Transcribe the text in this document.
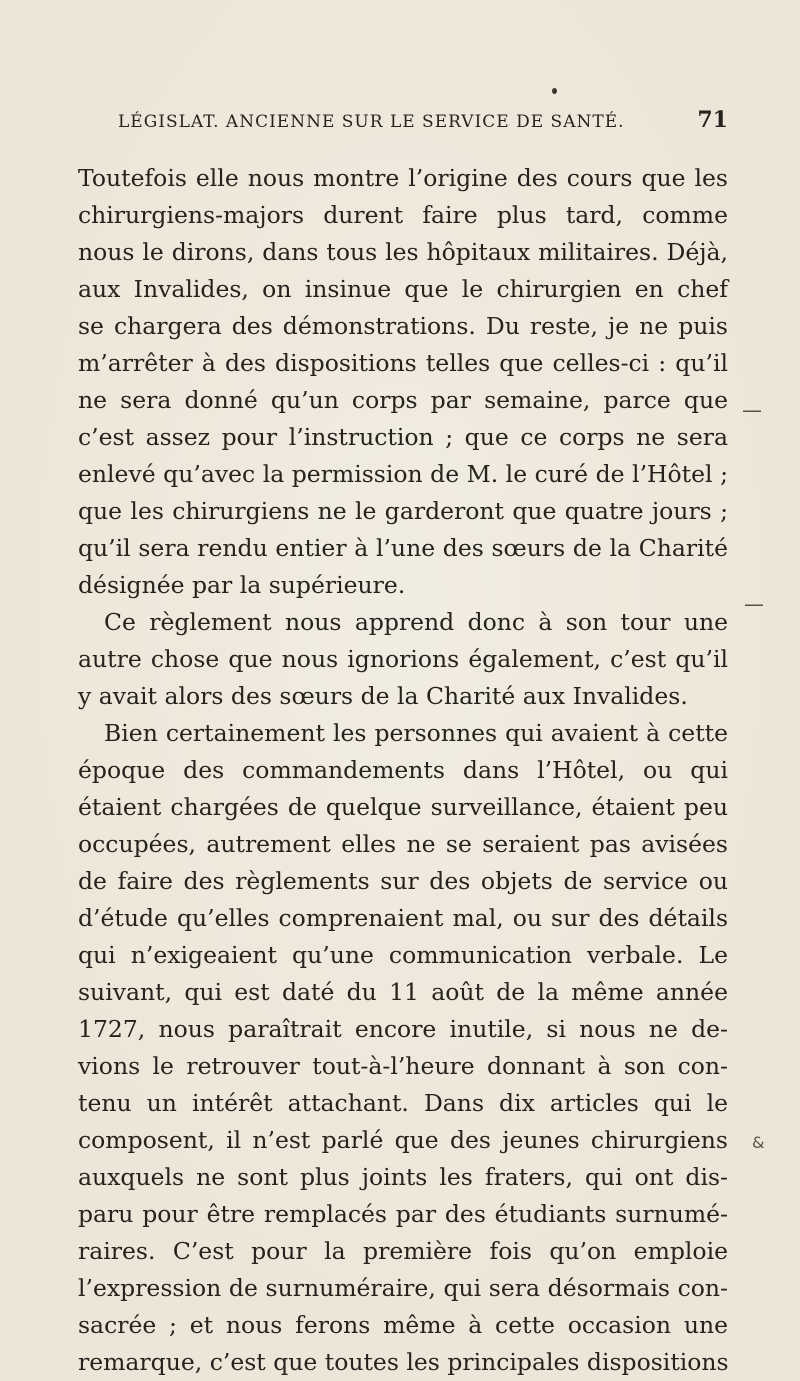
LÉGISLAT. ANCIENNE SUR LE SERVICE DE SANTÉ.	71
Toutefois elle nous montre l’origine des cours que les
chirurgiens-majors durent faire plus tard, comme
nous le dirons, dans tous les hôpitaux militaires. Déjà,
aux Invalides, on insinue que le chirurgien en chef
se chargera des démonstrations. Du reste, je ne puis
m’arrêter à des dispositions telles que celles-ci : qu’il
ne sera donné qu’un corps par semaine, parce que
c’est assez pour l’instruction ; que ce corps ne sera
enlevé qu’avec la permission de M. le curé de l’Hôtel ;
que les chirurgiens ne le garderont que quatre jours ;
qu’il sera rendu entier à l’une des sœurs de la Charité
désignée par la supérieure.
Ce règlement nous apprend donc à son tour une
autre chose que nous ignorions également, c’est qu’il
y avait alors des sœurs de la Charité aux Invalides.
Bien certainement les personnes qui avaient à cette
époque des commandements dans l’Hôtel, ou qui
étaient chargées de quelque surveillance, étaient peu
occupées, autrement elles ne se seraient pas avisées
de faire des règlements sur des objets de service ou
d’étude qu’elles comprenaient mal, ou sur des détails
qui n’exigeaient qu’une communication verbale. Le
suivant, qui est daté du 11 août de la même année
1727, nous paraîtrait encore inutile, si nous ne de-
vions le retrouver tout-à-l’heure donnant à son con-
tenu un intérêt attachant. Dans dix articles qui le
composent, il n’est parlé que des jeunes chirurgiens
auxquels ne sont plus joints les fraters, qui ont dis-
paru pour être remplacés par des étudiants surnumé-
raires. C’est pour la première fois qu’on emploie
l’expression de surnuméraire, qui sera désormais con-
sacrée ; et nous ferons même à cette occasion une
remarque, c’est que toutes les principales dispositions
—
—
&
